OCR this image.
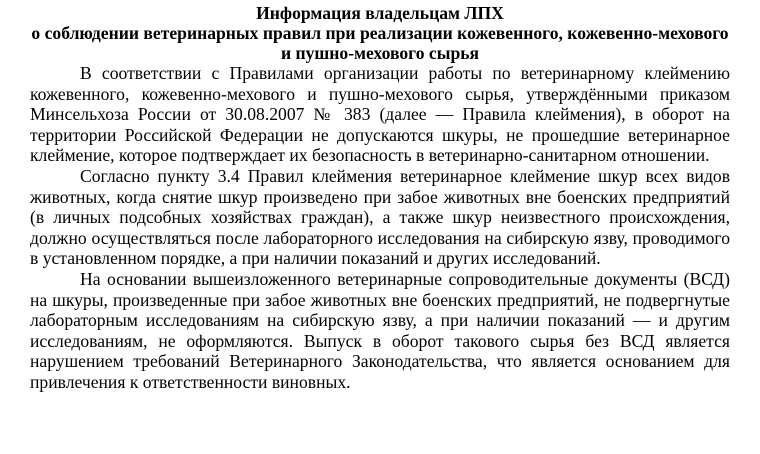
Информация владельцам ЛПХ

о соблюдении ветеринарных правил при реализации кожевенного, кожевенно-мехового и пушно-мехового сырья

В соответствии с Правилами организации работы по ветеринарному клеймению кожевенного, кожевенно-мехового и пушно-мехового сырья, утверждёнными приказом Минсельхоза России от 30.08.2007 № 383 (далее — Правила клеймения), в оборот на территории Российской Федерации не допускаются шкуры, не прошедшие ветеринарное клеймение, которое подтверждает их безопасность в ветеринарно-санитарном отношении.

Согласно пункту 3.4 Правил клеймения ветеринарное клеймение шкур всех видов животных, когда снятие шкур произведено при забое животных вне боенских предприятий (в личных подсобных хозяйствах граждан), а также шкур неизвестного происхождения, должно осуществляться после лабораторного исследования на сибирскую язву, проводимого в установленном порядке, а при наличии показаний и других исследований.

На основании вышеизложенного ветеринарные сопроводительные документы (ВСД) на шкуры, произведенные при забое животных вне боенских предприятий, не подвергнутые лабораторным исследованиям на сибирскую язву, а при наличии показаний — и другим исследованиям, не оформляются. Выпуск в оборот такового сырья без ВСД является нарушением требований Ветеринарного Законодательства, что является основанием для привлечения к ответственности виновных.
